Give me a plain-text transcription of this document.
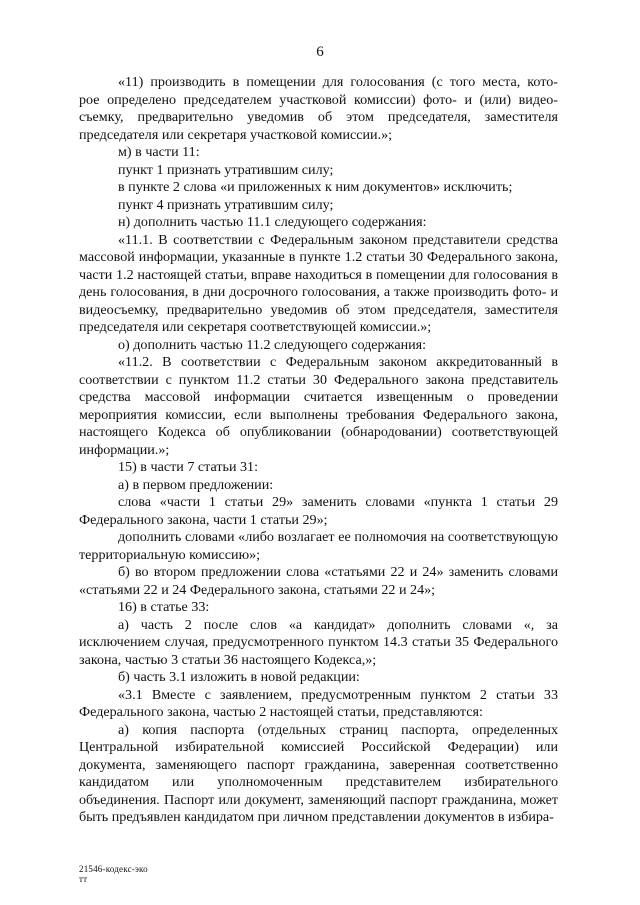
6

«11) производить в помещении для голосования (с того места, кото-

рое определено председателем участковой комиссии) фото- и (или) видео-

съемку, предварительно уведомив об этом председателя, заместителя

председателя или секретаря участковой комиссии.»;

м) в части 11:

пункт 1 признать утратившим силу;

в пункте 2 слова «и приложенных к ним документов» исключить;

пункт 4 признать утратившим силу;

н) дополнить частью 11.1 следующего содержания:

«11.1. В соответствии с Федеральным законом представители средства массовой информации, указанные в пункте 1.2 статьи 30 Федерального закона, части 1.2 настоящей статьи, вправе находиться в помещении для голосования в день голосования, в дни досрочного голосования, а также производить фото- и видеосъемку, предварительно уведомив об этом председателя, заместителя председателя или секретаря соответствующей комиссии.»;

о) дополнить частью 11.2 следующего содержания:

«11.2. В соответствии с Федеральным законом аккредитованный в соответствии с пунктом 11.2 статьи 30 Федерального закона представитель средства массовой информации считается извещенным о проведении мероприятия комиссии, если выполнены требования Федерального закона, настоящего Кодекса об опубликовании (обнародовании) соответствующей информации.»;

15) в части 7 статьи 31:

а) в первом предложении:

слова «части 1 статьи 29» заменить словами «пункта 1 статьи 29 Федерального закона, части 1 статьи 29»;

дополнить словами «либо возлагает ее полномочия на соответствующую территориальную комиссию»;

б) во втором предложении слова «статьями 22 и 24» заменить словами «статьями 22 и 24 Федерального закона, статьями 22 и 24»;

16) в статье 33:

а) часть 2 после слов «а кандидат» дополнить словами «, за исключением случая, предусмотренного пунктом 14.3 статьи 35 Федерального закона, частью 3 статьи 36 настоящего Кодекса,»;

б) часть 3.1 изложить в новой редакции:

«3.1 Вместе с заявлением, предусмотренным пунктом 2 статьи 33 Федерального закона, частью 2 настоящей статьи, представляются:

а) копия паспорта (отдельных страниц паспорта, определенных Центральной избирательной комиссией Российской Федерации) или документа, заменяющего паспорт гражданина, заверенная соответственно кандидатом или уполномоченным представителем избирательного объединения. Паспорт или документ, заменяющий паспорт гражданина, может быть предъявлен кандидатом при личном представлении документов в избира-

21546-кодекс-эко
тт
